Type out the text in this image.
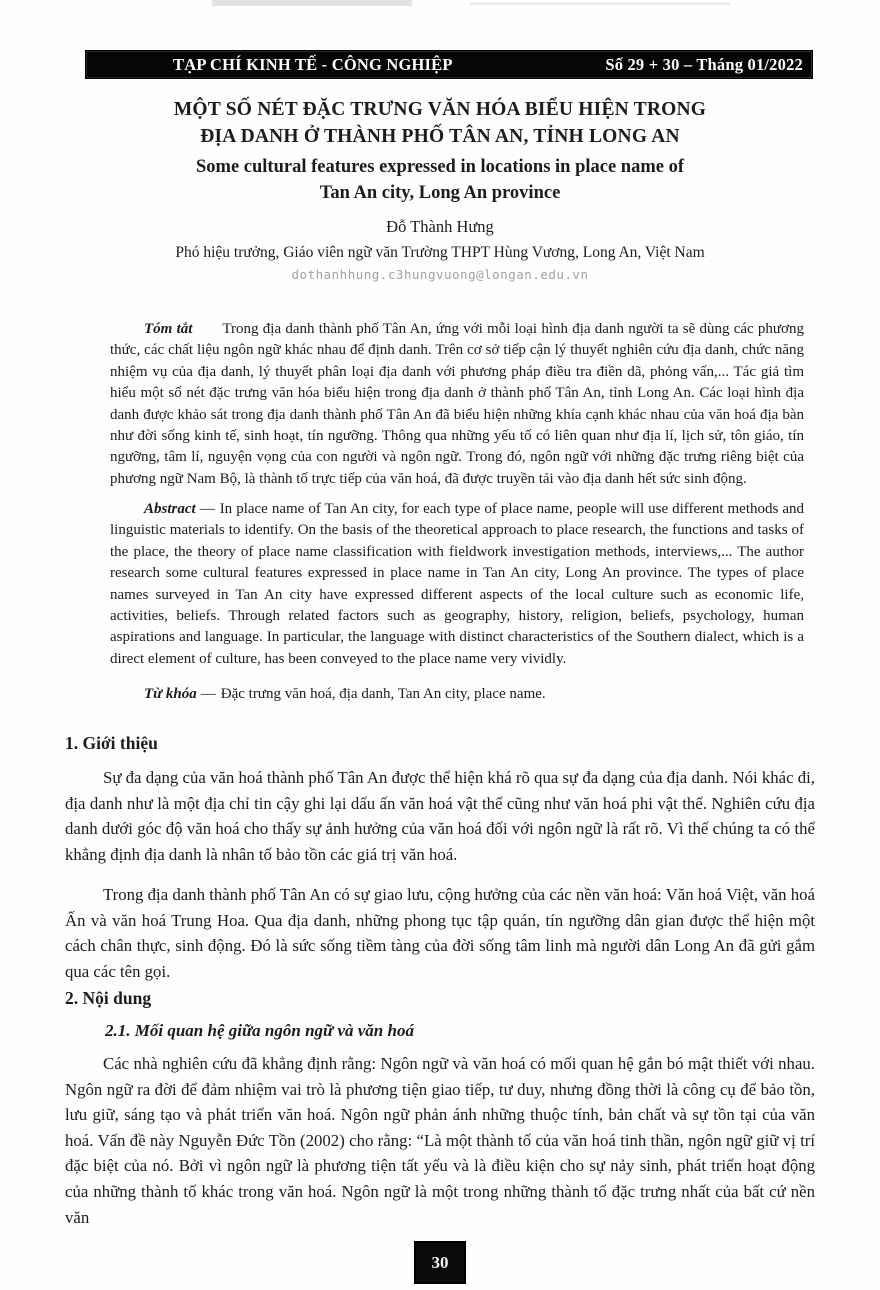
TẠP CHÍ KINH TẾ - CÔNG NGHIỆP	Số 29 + 30 – Tháng 01/2022
MỘT SỐ NÉT ĐẶC TRƯNG VĂN HÓA BIỂU HIỆN TRONG
ĐỊA DANH Ở THÀNH PHỐ TÂN AN, TỈNH LONG AN
Some cultural features expressed in locations in place name of
Tan An city, Long An province
Đỗ Thành Hưng
Phó hiệu trưởng, Giáo viên ngữ văn Trường THPT Hùng Vương, Long An, Việt Nam
dothanhhung.c3hungvuong@longan.edu.vn

Tóm tắt Trong địa danh thành phố Tân An, ứng với mỗi loại hình địa danh người ta sẽ dùng các phương thức, các chất liệu ngôn ngữ khác nhau để định danh. Trên cơ sở tiếp cận lý thuyết nghiên cứu địa danh, chức năng nhiệm vụ của địa danh, lý thuyết phân loại địa danh với phương pháp điều tra điền dã, phỏng vấn,... Tác giả tìm hiểu một số nét đặc trưng văn hóa biểu hiện trong địa danh ở thành phố Tân An, tỉnh Long An. Các loại hình địa danh được khảo sát trong địa danh thành phố Tân An đã biểu hiện những khía cạnh khác nhau của văn hoá địa bàn như đời sống kinh tế, sinh hoạt, tín ngưỡng. Thông qua những yếu tố có liên quan như địa lí, lịch sử, tôn giáo, tín ngưỡng, tâm lí, nguyện vọng của con người và ngôn ngữ. Trong đó, ngôn ngữ với những đặc trưng riêng biệt của phương ngữ Nam Bộ, là thành tố trực tiếp của văn hoá, đã được truyền tải vào địa danh hết sức sinh động.

Abstract — In place name of Tan An city, for each type of place name, people will use different methods and linguistic materials to identify. On the basis of the theoretical approach to place research, the functions and tasks of the place, the theory of place name classification with fieldwork investigation methods, interviews,... The author research some cultural features expressed in place name in Tan An city, Long An province. The types of place names surveyed in Tan An city have expressed different aspects of the local culture such as economic life, activities, beliefs. Through related factors such as geography, history, religion, beliefs, psychology, human aspirations and language. In particular, the language with distinct characteristics of the Southern dialect, which is a direct element of culture, has been conveyed to the place name very vividly.

Từ khóa — Đặc trưng văn hoá, địa danh, Tan An city, place name.

1. Giới thiệu

Sự đa dạng của văn hoá thành phố Tân An được thể hiện khá rõ qua sự đa dạng của địa danh. Nói khác đi, địa danh như là một địa chỉ tin cậy ghi lại dấu ấn văn hoá vật thể cũng như văn hoá phi vật thể. Nghiên cứu địa danh dưới góc độ văn hoá cho thấy sự ảnh hưởng của văn hoá đối với ngôn ngữ là rất rõ. Vì thế chúng ta có thể khẳng định địa danh là nhân tố bảo tồn các giá trị văn hoá.

Trong địa danh thành phố Tân An có sự giao lưu, cộng hưởng của các nền văn hoá: Văn hoá Việt, văn hoá Ấn và văn hoá Trung Hoa. Qua địa danh, những phong tục tập quán, tín ngưỡng dân gian được thể hiện một cách chân thực, sinh động. Đó là sức sống tiềm tàng của đời sống tâm linh mà người dân Long An đã gửi gắm qua các tên gọi.

2. Nội dung
2.1. Mối quan hệ giữa ngôn ngữ và văn hoá

Các nhà nghiên cứu đã khẳng định rằng: Ngôn ngữ và văn hoá có mối quan hệ gắn bó mật thiết với nhau. Ngôn ngữ ra đời để đảm nhiệm vai trò là phương tiện giao tiếp, tư duy, nhưng đồng thời là công cụ để bảo tồn, lưu giữ, sáng tạo và phát triển văn hoá. Ngôn ngữ phản ánh những thuộc tính, bản chất và sự tồn tại của văn hoá. Vấn đề này Nguyễn Đức Tồn (2002) cho rằng: “Là một thành tố của văn hoá tinh thần, ngôn ngữ giữ vị trí đặc biệt của nó. Bởi vì ngôn ngữ là phương tiện tất yếu và là điều kiện cho sự nảy sinh, phát triển hoạt động của những thành tố khác trong văn hoá. Ngôn ngữ là một trong những thành tố đặc trưng nhất của bất cứ nền văn

30
